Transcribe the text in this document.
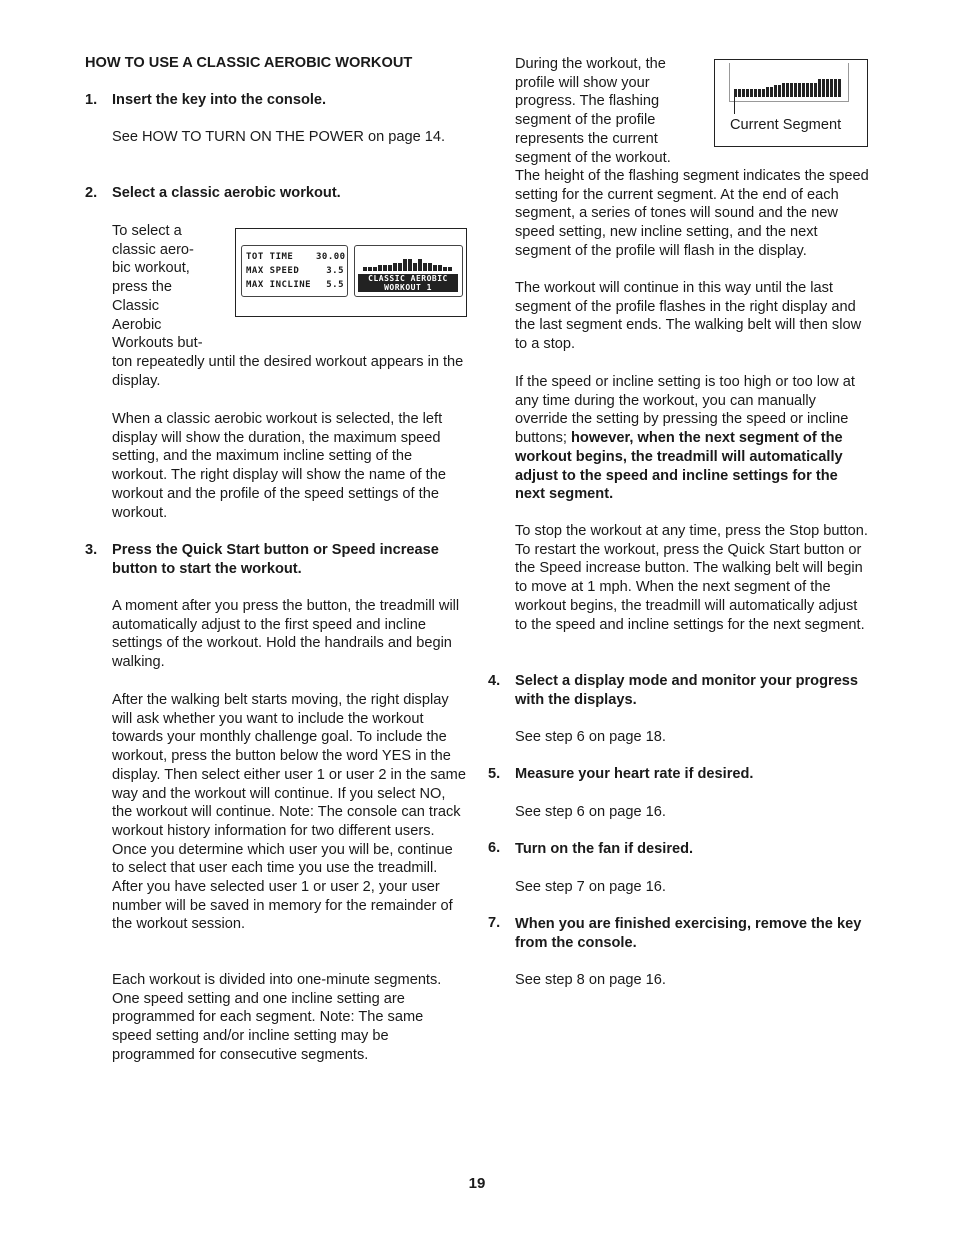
HOW TO USE A CLASSIC AEROBIC WORKOUT
1. Insert the key into the console.

See HOW TO TURN ON THE POWER on page 14.

2. Select a classic aerobic workout.
To select a
classic aero-
bic workout,
press the
Classic
Aerobic
Workouts but-

ton repeatedly until the desired workout appears in the display.

TOT TIME	30.00
MAX SPEED	3.5
MAX INCLINE	5.5
CLASSIC AEROBIC
WORKOUT 1

When a classic aerobic workout is selected, the left display will show the duration, the maximum speed setting, and the maximum incline setting of the workout. The right display will show the name of the workout and the profile of the speed settings of the workout.

3. Press the Quick Start button or Speed increase button to start the workout.

A moment after you press the button, the treadmill will automatically adjust to the first speed and incline settings of the workout. Hold the handrails and begin walking.

After the walking belt starts moving, the right display will ask whether you want to include the workout towards your monthly challenge goal. To include the workout, press the button below the word YES in the display. Then select either user 1 or user 2 in the same way and the workout will continue. If you select NO, the workout will continue. Note: The console can track workout history information for two different users. Once you determine which user you will be, continue to select that user each time you use the treadmill. After you have selected user 1 or user 2, your user number will be saved in memory for the remainder of the workout session.

Each workout is divided into one-minute segments. One speed setting and one incline setting are programmed for each segment. Note: The same speed setting and/or incline setting may be programmed for consecutive segments.

During the workout, the
profile will show your
progress. The flashing
segment of the profile
represents the current
segment of the workout.
Current Segment

The height of the flashing segment indicates the speed setting for the current segment. At the end of each segment, a series of tones will sound and the new speed setting, new incline setting, and the next segment of the profile will flash in the display.

The workout will continue in this way until the last segment of the profile flashes in the right display and the last segment ends. The walking belt will then slow to a stop.

If the speed or incline setting is too high or too low at any time during the workout, you can manually override the setting by pressing the speed or incline buttons; however, when the next segment of the workout begins, the treadmill will automatically adjust to the speed and incline settings for the next segment.

To stop the workout at any time, press the Stop button. To restart the workout, press the Quick Start button or the Speed increase button. The walking belt will begin to move at 1 mph. When the next segment of the workout begins, the treadmill will automatically adjust to the speed and incline settings for the next segment.

4. Select a display mode and monitor your progress with the displays.

See step 6 on page 18.

5. Measure your heart rate if desired.

See step 6 on page 16.

6. Turn on the fan if desired.

See step 7 on page 16.

7. When you are finished exercising, remove the key from the console.

See step 8 on page 16.

19
